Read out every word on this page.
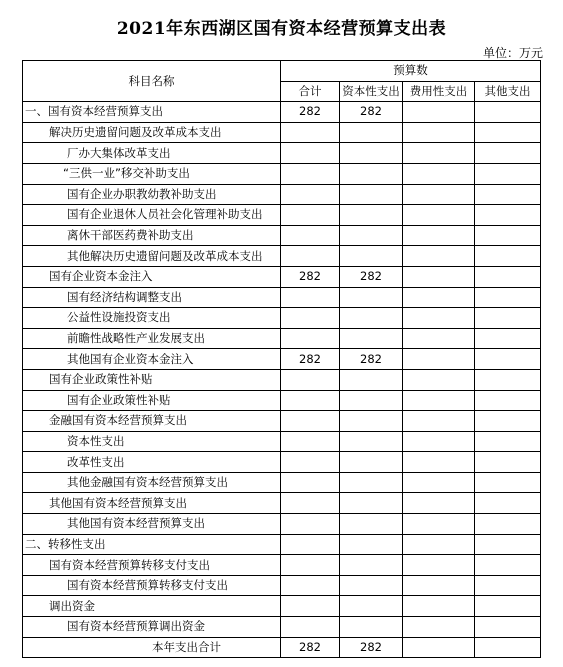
2021年东西湖区国有资本经营预算支出表
单位：万元
科目名称	预算数			
	合计	资本性支出	费用性支出	其他支出
一、国有资本经营预算支出	282	282		
解决历史遗留问题及改革成本支出				
厂办大集体改革支出				
“三供一业”移交补助支出				
国有企业办职教幼教补助支出				
国有企业退休人员社会化管理补助支出				
离休干部医药费补助支出				
其他解决历史遗留问题及改革成本支出				
国有企业资本金注入	282	282		
国有经济结构调整支出				
公益性设施投资支出				
前瞻性战略性产业发展支出				
其他国有企业资本金注入	282	282		
国有企业政策性补贴				
国有企业政策性补贴				
金融国有资本经营预算支出				
资本性支出				
改革性支出				
其他金融国有资本经营预算支出				
其他国有资本经营预算支出				
其他国有资本经营预算支出				
二、转移性支出				
国有资本经营预算转移支付支出				
国有资本经营预算转移支付支出				
调出资金				
国有资本经营预算调出资金				
本年支出合计	282	282		
